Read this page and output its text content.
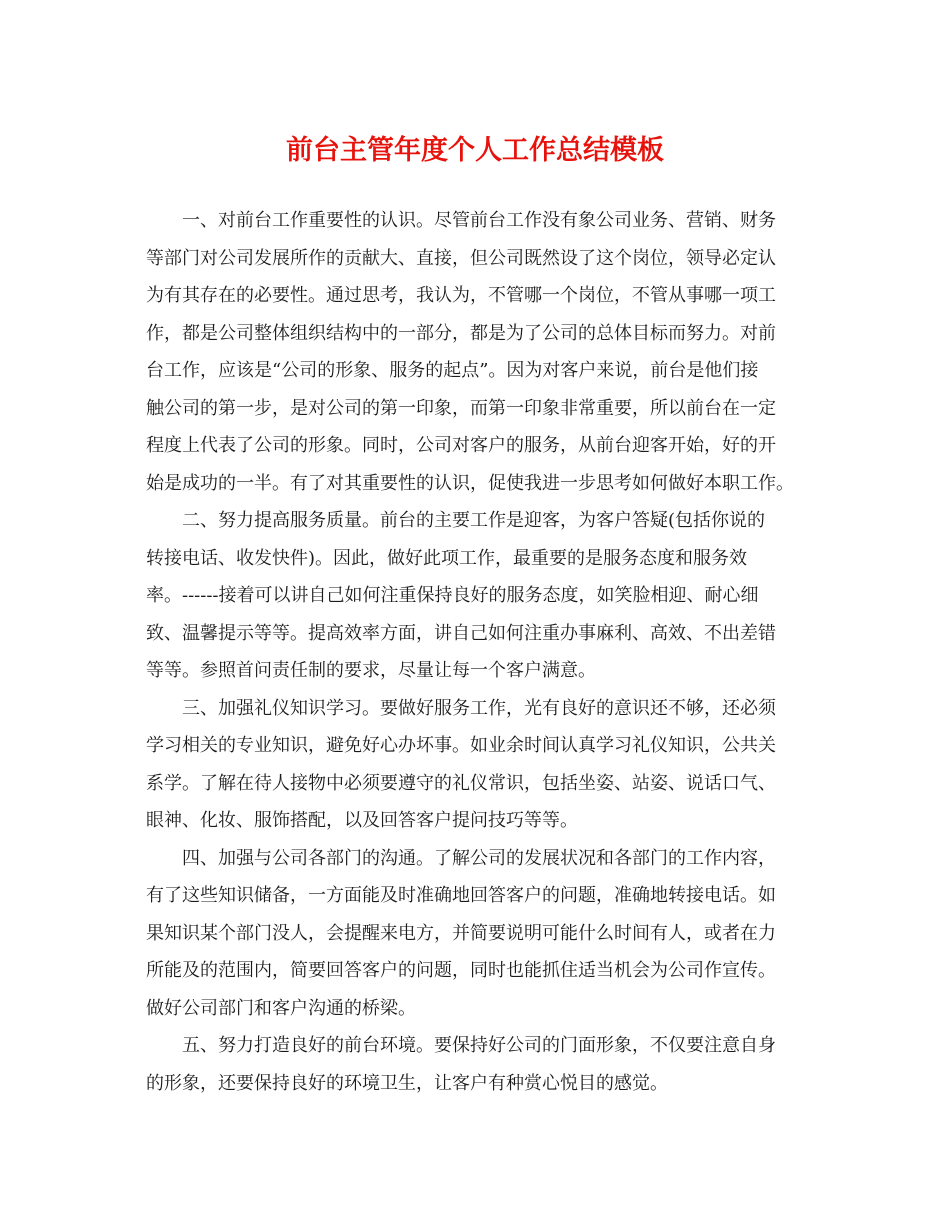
前台主管年度个人工作总结模板

一、对前台工作重要性的认识。尽管前台工作没有象公司业务、营销、财务
等部门对公司发展所作的贡献大、直接，但公司既然设了这个岗位，领导必定认
为有其存在的必要性。通过思考，我认为，不管哪一个岗位，不管从事哪一项工
作，都是公司整体组织结构中的一部分，都是为了公司的总体目标而努力。对前
台工作，应该是“公司的形象、服务的起点”。因为对客户来说，前台是他们接
触公司的第一步，是对公司的第一印象，而第一印象非常重要，所以前台在一定
程度上代表了公司的形象。同时，公司对客户的服务，从前台迎客开始，好的开
始是成功的一半。有了对其重要性的认识，促使我进一步思考如何做好本职工作。

二、努力提高服务质量。前台的主要工作是迎客，为客户答疑(包括你说的
转接电话、收发快件)。因此，做好此项工作，最重要的是服务态度和服务效
率。------接着可以讲自己如何注重保持良好的服务态度，如笑脸相迎、耐心细
致、温馨提示等等。提高效率方面，讲自己如何注重办事麻利、高效、不出差错
等等。参照首问责任制的要求，尽量让每一个客户满意。

三、加强礼仪知识学习。要做好服务工作，光有良好的意识还不够，还必须
学习相关的专业知识，避免好心办坏事。如业余时间认真学习礼仪知识，公共关
系学。了解在待人接物中必须要遵守的礼仪常识，包括坐姿、站姿、说话口气、
眼神、化妆、服饰搭配，以及回答客户提问技巧等等。

四、加强与公司各部门的沟通。了解公司的发展状况和各部门的工作内容，
有了这些知识储备，一方面能及时准确地回答客户的问题，准确地转接电话。如
果知识某个部门没人，会提醒来电方，并简要说明可能什么时间有人，或者在力
所能及的范围内，简要回答客户的问题，同时也能抓住适当机会为公司作宣传。
做好公司部门和客户沟通的桥梁。

五、努力打造良好的前台环境。要保持好公司的门面形象，不仅要注意自身
的形象，还要保持良好的环境卫生，让客户有种赏心悦目的感觉。
